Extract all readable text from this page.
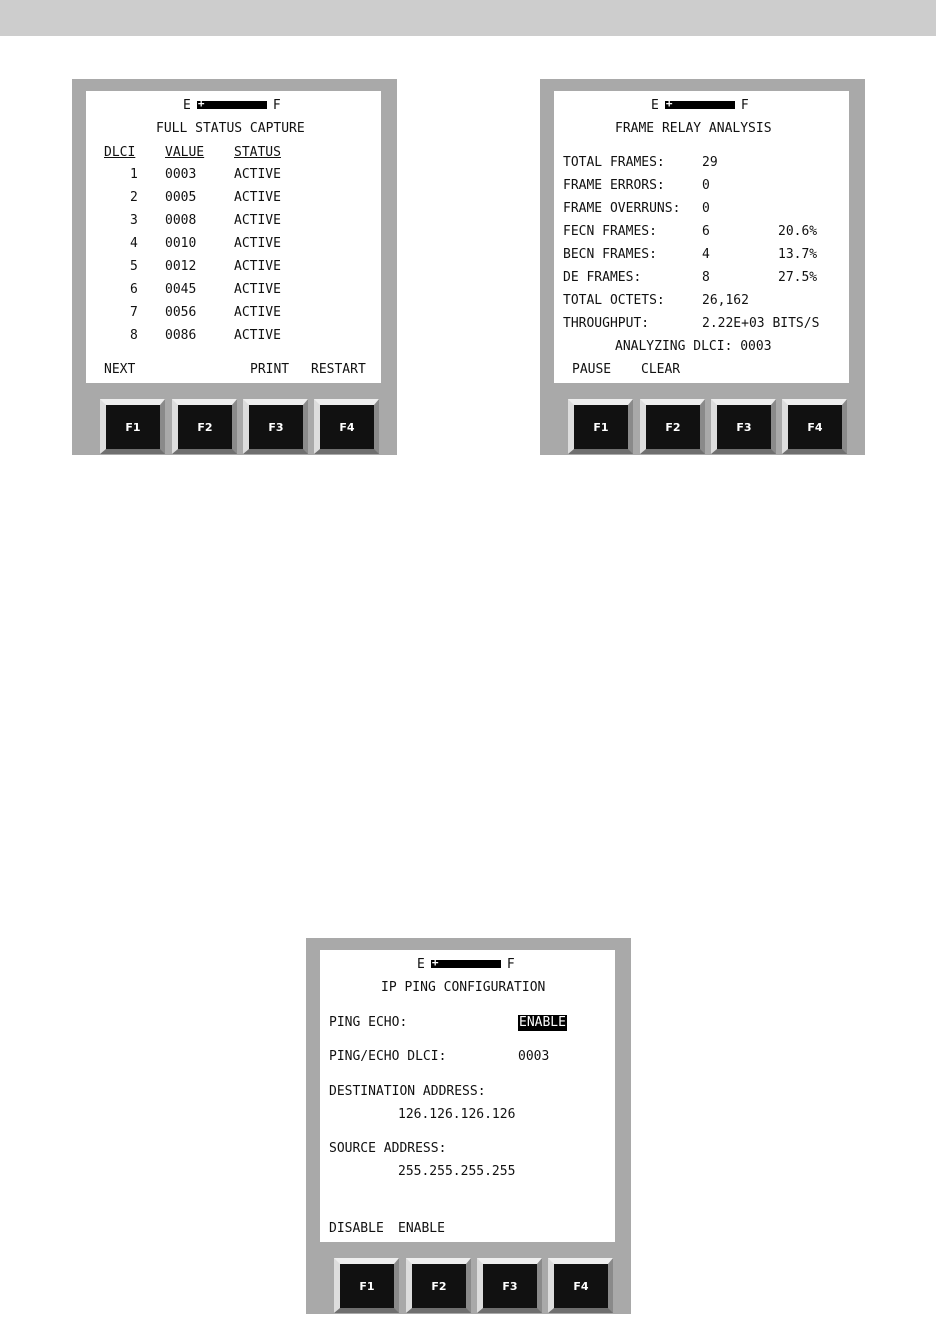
E +	F
FULL STATUS CAPTURE
DLCI VALUE STATUS
1 0003	ACTIVE
2 0005	ACTIVE
3 0008	ACTIVE
4 0010	ACTIVE
5 0012	ACTIVE
6 0045	ACTIVE
7 0056	ACTIVE
8 0086	ACTIVE
NEXT	PRINT RESTART
F1	F2	F3	F4
E +	F
FRAME RELAY ANALYSIS
TOTAL FRAMES:	29
FRAME ERRORS:	0
FRAME OVERRUNS: 0
FECN FRAMES:	6	20.6%
BECN FRAMES:	4	13.7%
DE FRAMES:	8	27.5%
TOTAL OCTETS:	26,162
THROUGHPUT:	2.22E+03 BITS/S
ANALYZING DLCI: 0003
PAUSE CLEAR
F1	F2	F3	F4
E +	F
IP PING CONFIGURATION
PING ECHO:	ENABLE
PING/ECHO DLCI:	0003
DESTINATION ADDRESS:
126.126.126.126
SOURCE ADDRESS:
255.255.255.255
DISABLE ENABLE
F1	F2	F3	F4
